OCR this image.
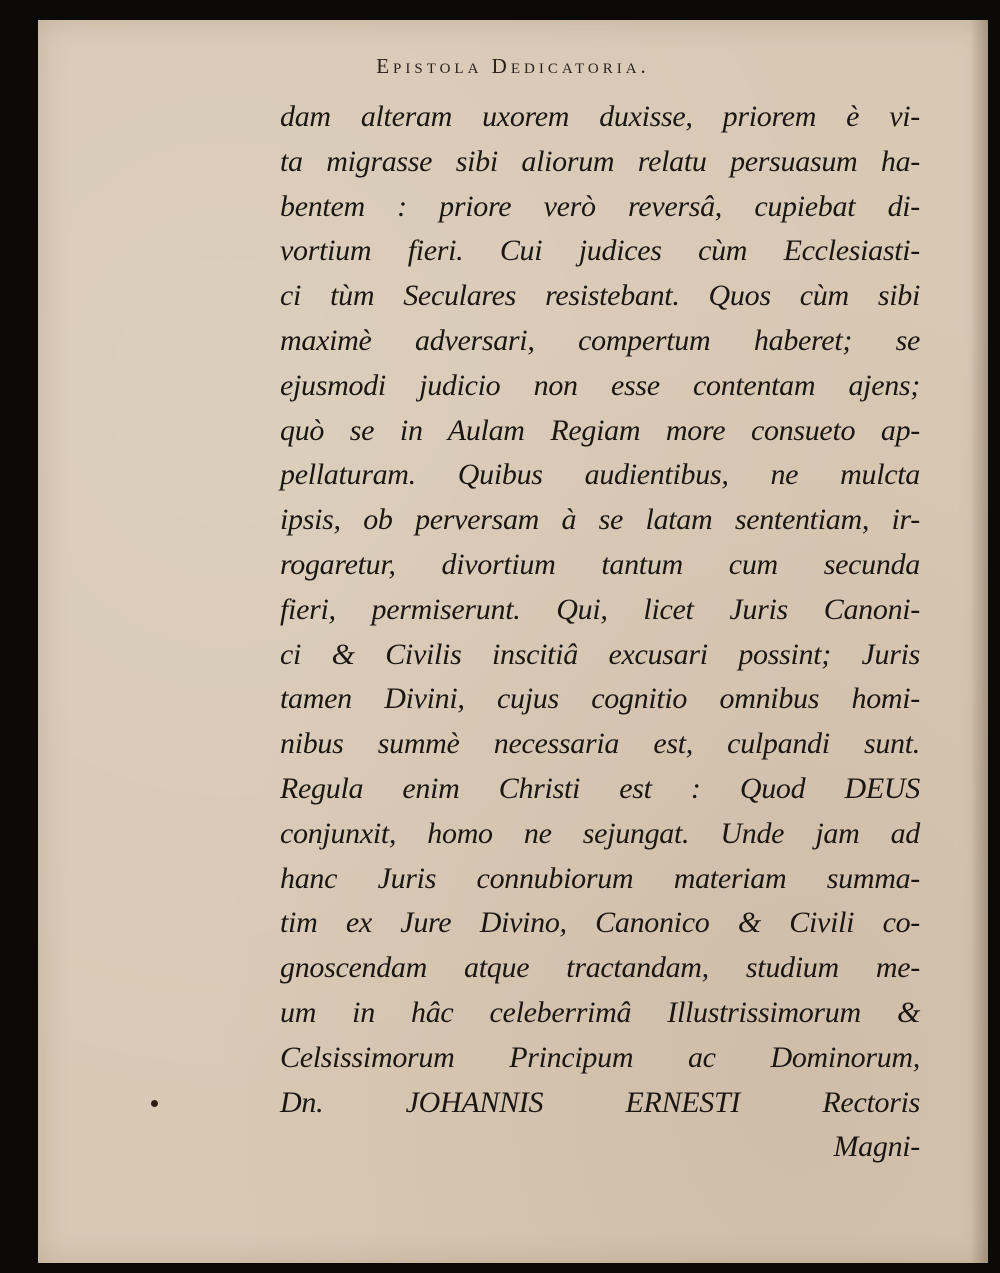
Epistola Dedicatoria.
dam alteram uxorem duxisse, priorem è vi-
ta migrasse sibi aliorum relatu persuasum ha-
bentem : priore verò reversâ, cupiebat di-
vortium fieri. Cui judices cùm Ecclesiasti-
ci tùm Seculares resistebant. Quos cùm sibi
maximè adversari, compertum haberet; se
ejusmodi judicio non esse contentam ajens;
quò se in Aulam Regiam more consueto ap-
pellaturam. Quibus audientibus, ne mulcta
ipsis, ob perversam à se latam sententiam, ir-
rogaretur, divortium tantum cum secunda
fieri, permiserunt. Qui, licet Juris Canoni-
ci & Civilis inscitiâ excusari possint; Juris
tamen Divini, cujus cognitio omnibus homi-
nibus summè necessaria est, culpandi sunt.
Regula enim Christi est : Quod DEUS
conjunxit, homo ne sejungat. Unde jam ad
hanc Juris connubiorum materiam summa-
tim ex Jure Divino, Canonico & Civili co-
gnoscendam atque tractandam, studium me-
um in hâc celeberrimâ Illustrissimorum &
Celsissimorum Principum ac Dominorum,
Dn. JOHANNIS ERNESTI Rectoris
Magni-
